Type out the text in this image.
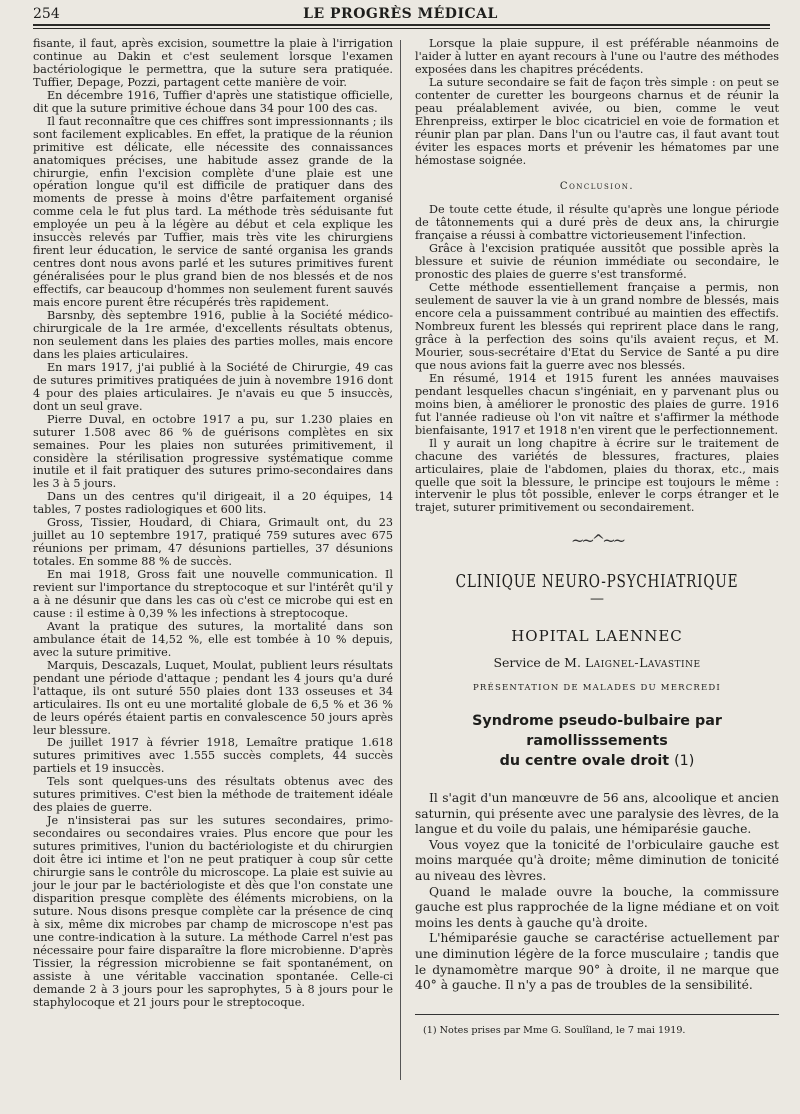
254	LE PROGRÈS MÉDICAL

fisante, il faut, après excision, soumettre la plaie à l'irrigation continue au Dakin et c'est seulement lorsque l'examen bactériologique le permettra, que la suture sera pratiquée. Tuffier, Depage, Pozzi, partagent cette manière de voir.

En décembre 1916, Tuffier d'après une statistique officielle, dit que la suture primitive échoue dans 34 pour 100 des cas.

Il faut reconnaître que ces chiffres sont impressionnants ; ils sont facilement explicables. En effet, la pratique de la réunion primitive est délicate, elle nécessite des connaissances anatomiques précises, une habitude assez grande de la chirurgie, enfin l'excision complète d'une plaie est une opération longue qu'il est difficile de pratiquer dans des moments de presse à moins d'être parfaitement organisé comme cela le fut plus tard. La méthode très séduisante fut employée un peu à la légère au début et cela explique les insuccès relevés par Tuffier, mais très vite les chirurgiens firent leur éducation, le service de santé organisa les grands centres dont nous avons parlé et les sutures primitives furent généralisées pour le plus grand bien de nos blessés et de nos effectifs, car beaucoup d'hommes non seulement furent sauvés mais encore purent être récupérés très rapidement.

Barsnby, dès septembre 1916, publie à la Société médico-chirurgicale de la 1re armée, d'excellents résultats obtenus, non seulement dans les plaies des parties molles, mais encore dans les plaies articulaires.

En mars 1917, j'ai publié à la Société de Chirurgie, 49 cas de sutures primitives pratiquées de juin à novembre 1916 dont 4 pour des plaies articulaires. Je n'avais eu que 5 insuccès, dont un seul grave.

Pierre Duval, en octobre 1917 a pu, sur 1.230 plaies en suturer 1.508 avec 86 % de guérisons complètes en six semaines. Pour les plaies non suturées primitivement, il considère la stérilisation progressive systématique comme inutile et il fait pratiquer des sutures primo-secondaires dans les 3 à 5 jours.

Dans un des centres qu'il dirigeait, il a 20 équipes, 14 tables, 7 postes radiologiques et 600 lits.

Gross, Tissier, Houdard, di Chiara, Grimault ont, du 23 juillet au 10 septembre 1917, pratiqué 759 sutures avec 675 réunions per primam, 47 désunions partielles, 37 désunions totales. En somme 88 % de succès.

En mai 1918, Gross fait une nouvelle communication. Il revient sur l'importance du streptocoque et sur l'intérêt qu'il y a à ne désunir que dans les cas où c'est ce microbe qui est en cause : il estime à 0,39 % les infections à streptocoque.

Avant la pratique des sutures, la mortalité dans son ambulance était de 14,52 %, elle est tombée à 10 % depuis, avec la suture primitive.

Marquis, Descazals, Luquet, Moulat, publient leurs résultats pendant une période d'attaque ; pendant les 4 jours qu'a duré l'attaque, ils ont suturé 550 plaies dont 133 osseuses et 34 articulaires. Ils ont eu une mortalité globale de 6,5 % et 36 % de leurs opérés étaient partis en convalescence 50 jours après leur blessure.

De juillet 1917 à février 1918, Lemaître pratique 1.618 sutures primitives avec 1.555 succès complets, 44 succès partiels et 19 insuccès.

Tels sont quelques-uns des résultats obtenus avec des sutures primitives. C'est bien la méthode de traitement idéale des plaies de guerre.

Je n'insisterai pas sur les sutures secondaires, primo-secondaires ou secondaires vraies. Plus encore que pour les sutures primitives, l'union du bactériologiste et du chirurgien doit être ici intime et l'on ne peut pratiquer à coup sûr cette chirurgie sans le contrôle du microscope. La plaie est suivie au jour le jour par le bactériologiste et dès que l'on constate une disparition presque complète des éléments microbiens, on la suture. Nous disons presque complète car la présence de cinq à six, même dix microbes par champ de microscope n'est pas une contre-indication à la suture. La méthode Carrel n'est pas nécessaire pour faire disparaître la flore microbienne. D'après Tissier, la régression microbienne se fait spontanément, on assiste à une véritable vaccination spontanée. Celle-ci demande 2 à 3 jours pour les saprophytes, 5 à 8 jours pour le staphylocoque et 21 jours pour le streptocoque.

Lorsque la plaie suppure, il est préférable néanmoins de l'aider à lutter en ayant recours à l'une ou l'autre des méthodes exposées dans les chapitres précédents.

La suture secondaire se fait de façon très simple : on peut se contenter de curetter les bourgeons charnus et de réunir la peau préalablement avivée, ou bien, comme le veut Ehrenpreiss, extirper le bloc cicatriciel en voie de formation et réunir plan par plan. Dans l'un ou l'autre cas, il faut avant tout éviter les espaces morts et prévenir les hématomes par une hémostase soignée.

Conclusion.

De toute cette étude, il résulte qu'après une longue période de tâtonnements qui a duré près de deux ans, la chirurgie française a réussi à combattre victorieusement l'infection.

Grâce à l'excision pratiquée aussitôt que possible après la blessure et suivie de réunion immédiate ou secondaire, le pronostic des plaies de guerre s'est transformé.

Cette méthode essentiellement française a permis, non seulement de sauver la vie à un grand nombre de blessés, mais encore cela a puissamment contribué au maintien des effectifs. Nombreux furent les blessés qui reprirent place dans le rang, grâce à la perfection des soins qu'ils avaient reçus, et M. Mourier, sous-secrétaire d'Etat du Service de Santé a pu dire que nous avions fait la guerre avec nos blessés.

En résumé, 1914 et 1915 furent les années mauvaises pendant lesquelles chacun s'ingéniait, en y parvenant plus ou moins bien, à améliorer le pronostic des plaies de gurre. 1916 fut l'année radieuse où l'on vit naître et s'affirmer la méthode bienfaisante, 1917 et 1918 n'en virent que le perfectionnement.

Il y aurait un long chapitre à écrire sur le traitement de chacune des variétés de blessures, fractures, plaies articulaires, plaie de l'abdomen, plaies du thorax, etc., mais quelle que soit la blessure, le principe est toujours le même : intervenir le plus tôt possible, enlever le corps étranger et le trajet, suturer primitivement ou secondairement.

~~^~~
CLINIQUE NEURO-PSYCHIATRIQUE
—
HOPITAL LAENNEC
Service de M. Laignel-Lavastine
PRÉSENTATION DE MALADES DU MERCREDI
Syndrome pseudo-bulbaire par ramollisssements
du centre ovale droit (1)

Il s'agit d'un manœuvre de 56 ans, alcoolique et ancien saturnin, qui présente avec une paralysie des lèvres, de la langue et du voile du palais, une hémiparésie gauche.

Vous voyez que la tonicité de l'orbiculaire gauche est moins marquée qu'à droite; même diminution de tonicité au niveau des lèvres.

Quand le malade ouvre la bouche, la commissure gauche est plus rapprochée de la ligne médiane et on voit moins les dents à gauche qu'à droite.

L'hémiparésie gauche se caractérise actuellement par une diminution légère de la force musculaire ; tandis que le dynamomètre marque 90° à droite, il ne marque que 40° à gauche. Il n'y a pas de troubles de la sensibilité.

(1) Notes prises par Mme G. Soulîland, le 7 mai 1919.
